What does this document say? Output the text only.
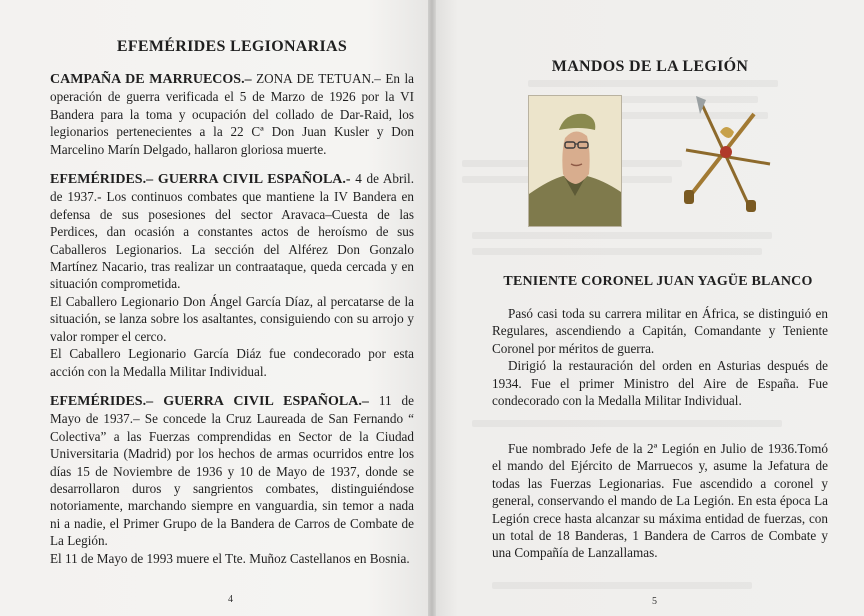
EFEMÉRIDES LEGIONARIAS

CAMPAÑA DE MARRUECOS.– ZONA DE TETUAN.– En la operación de guerra verificada el 5 de Marzo de 1926 por la VI Bandera para la toma y ocupación del collado de Dar-Raid, los legionarios pertenecientes a la 22 Cª Don Juan Kusler y Don Marcelino Marín Delgado, hallaron gloriosa muerte.

EFEMÉRIDES.– GUERRA CIVIL ESPAÑOLA.- 4 de Abril. de 1937.- Los continuos combates que mantiene la IV Bandera en defensa de sus posesiones del sector Aravaca–Cuesta de las Perdices, dan ocasión a constantes actos de heroísmo de sus Caballeros Legionarios. La sección del Alférez Don Gonzalo Martínez Nacario, tras realizar un contraataque, queda cercada y en situación comprometida.

El Caballero Legionario Don Ángel García Díaz, al percatarse de la situación, se lanza sobre los asaltantes, consiguiendo con su arrojo y valor romper el cerco.

El Caballero Legionario García Diáz fue condecorado por esta acción con la Medalla Militar Individual.

EFEMÉRIDES.– GUERRA CIVIL ESPAÑOLA.– 11 de Mayo de 1937.– Se concede la Cruz Laureada de San Fernando “ Colectiva” a las Fuerzas comprendidas en Sector de la Ciudad Universitaria (Madrid) por los hechos de armas ocurridos entre los días 15 de Noviembre de 1936 y 10 de Mayo de 1937, donde se desarrollaron duros y sangrientos combates, distinguiéndose notoriamente, marchando siempre en vanguardia, sin temor a nada ni a nadie, el Primer Grupo de la Bandera de Carros de Combate de La Legión.

El 11 de Mayo de 1993 muere el Tte. Muñoz Castellanos en Bosnia.

4
MANDOS DE LA LEGIÓN
TENIENTE CORONEL JUAN YAGÜE BLANCO

Pasó casi toda su carrera militar en África, se distinguió en Regulares, ascendiendo a Capitán, Comandante y Teniente Coronel por méritos de guerra.

Dirigió la restauración del orden en Asturias después de 1934. Fue el primer Ministro del Aire de España. Fue condecorado con la Medalla Militar Individual.

Fue nombrado Jefe de la 2ª Legión en Julio de 1936.Tomó el mando del Ejército de Marruecos y, asume la Jefatura de todas las Fuerzas Legionarias. Fue ascendido a coronel y general, conservando el mando de La Legión. En esta época La Legión crece hasta alcanzar su máxima entidad de fuerzas, con un total de 18 Banderas, 1 Bandera de Carros de Combate y una Compañía de Lanzallamas.

5
